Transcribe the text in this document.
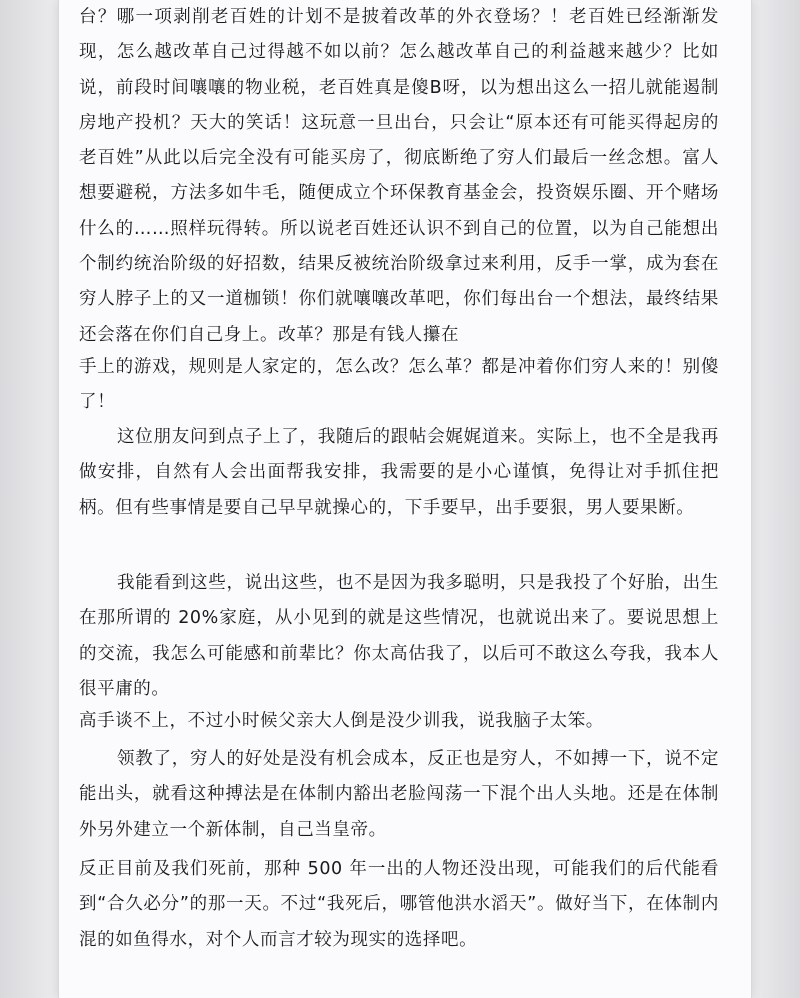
台？哪一项剥削老百姓的计划不是披着改革的外衣登场？！老百姓已经渐渐发现，怎么越改革自己过得越不如以前？怎么越改革自己的利益越来越少？比如说，前段时间嚷嚷的物业税，老百姓真是傻B呀，以为想出这么一招儿就能遏制房地产投机？天大的笑话！这玩意一旦出台，只会让“原本还有可能买得起房的老百姓”从此以后完全没有可能买房了，彻底断绝了穷人们最后一丝念想。富人想要避税，方法多如牛毛，随便成立个环保教育基金会，投资娱乐圈、开个赌场什么的……照样玩得转。所以说老百姓还认识不到自己的位置，以为自己能想出个制约统治阶级的好招数，结果反被统治阶级拿过来利用，反手一掌，成为套在穷人脖子上的又一道枷锁！你们就嚷嚷改革吧，你们每出台一个想法，最终结果还会落在你们自己身上。改革？那是有钱人攥在

手上的游戏，规则是人家定的，怎么改？怎么革？都是冲着你们穷人来的！别傻了！

这位朋友问到点子上了，我随后的跟帖会娓娓道来。实际上，也不全是我再做安排，自然有人会出面帮我安排，我需要的是小心谨慎，免得让对手抓住把柄。但有些事情是要自己早早就操心的，下手要早，出手要狠，男人要果断。

我能看到这些，说出这些，也不是因为我多聪明，只是我投了个好胎，出生在那所谓的 20%家庭，从小见到的就是这些情况，也就说出来了。要说思想上的交流，我怎么可能感和前辈比？你太高估我了，以后可不敢这么夸我，我本人很平庸的。

高手谈不上，不过小时候父亲大人倒是没少训我，说我脑子太笨。

领教了，穷人的好处是没有机会成本，反正也是穷人，不如搏一下，说不定能出头，就看这种搏法是在体制内豁出老脸闯荡一下混个出人头地。还是在体制外另外建立一个新体制，自己当皇帝。

反正目前及我们死前，那种 500 年一出的人物还没出现，可能我们的后代能看到“合久必分”的那一天。不过“我死后，哪管他洪水滔天”。做好当下，在体制内混的如鱼得水，对个人而言才较为现实的选择吧。
